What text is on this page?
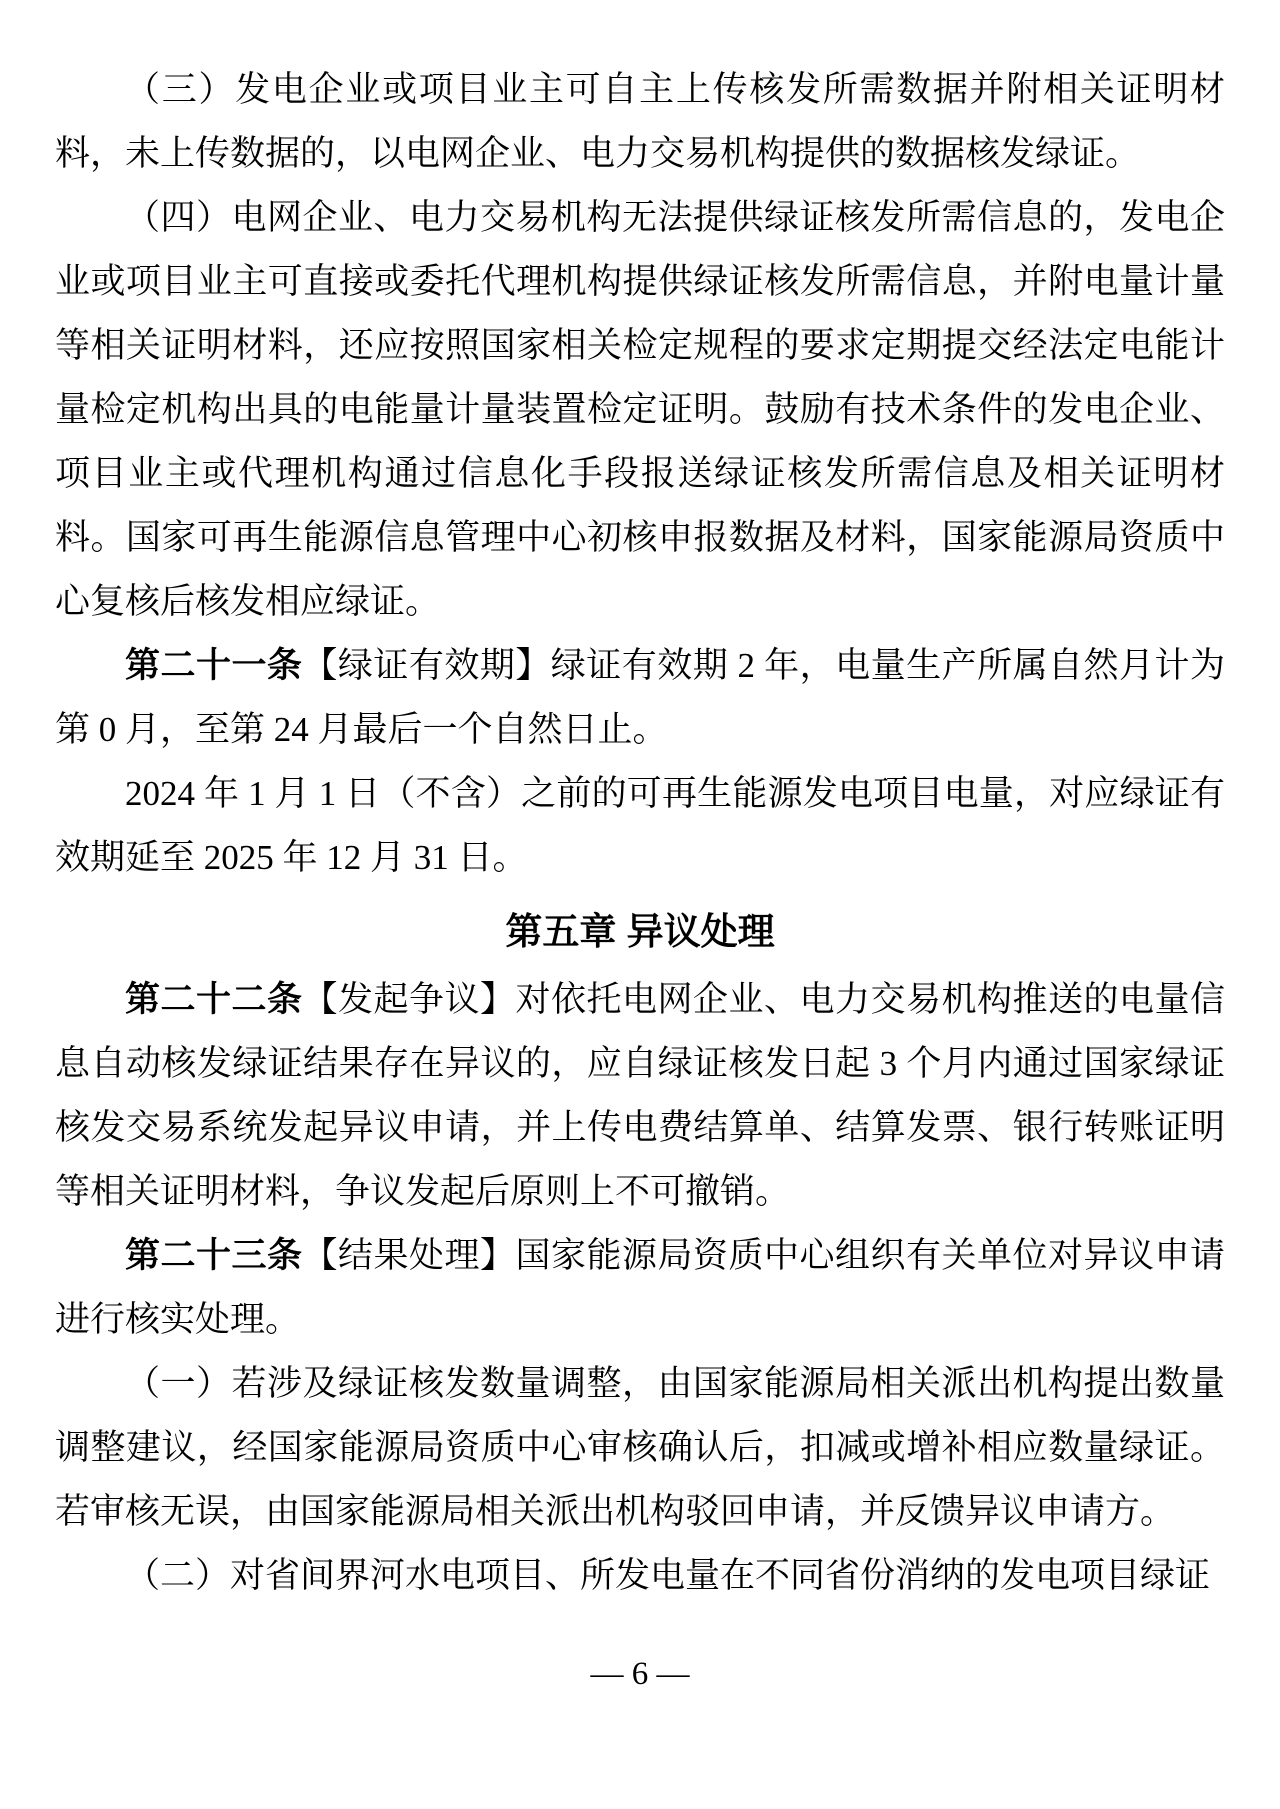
（三）发电企业或项目业主可自主上传核发所需数据并附相关证明材料，未上传数据的，以电网企业、电力交易机构提供的数据核发绿证。

（四）电网企业、电力交易机构无法提供绿证核发所需信息的，发电企业或项目业主可直接或委托代理机构提供绿证核发所需信息，并附电量计量等相关证明材料，还应按照国家相关检定规程的要求定期提交经法定电能计量检定机构出具的电能量计量装置检定证明。鼓励有技术条件的发电企业、项目业主或代理机构通过信息化手段报送绿证核发所需信息及相关证明材料。国家可再生能源信息管理中心初核申报数据及材料，国家能源局资质中心复核后核发相应绿证。

第二十一条【绿证有效期】绿证有效期 2 年，电量生产所属自然月计为第 0 月，至第 24 月最后一个自然日止。

2024 年 1 月 1 日（不含）之前的可再生能源发电项目电量，对应绿证有效期延至 2025 年 12 月 31 日。

第五章 异议处理

第二十二条【发起争议】对依托电网企业、电力交易机构推送的电量信息自动核发绿证结果存在异议的，应自绿证核发日起 3 个月内通过国家绿证核发交易系统发起异议申请，并上传电费结算单、结算发票、银行转账证明等相关证明材料，争议发起后原则上不可撤销。

第二十三条【结果处理】国家能源局资质中心组织有关单位对异议申请进行核实处理。

（一）若涉及绿证核发数量调整，由国家能源局相关派出机构提出数量调整建议，经国家能源局资质中心审核确认后，扣减或增补相应数量绿证。若审核无误，由国家能源局相关派出机构驳回申请，并反馈异议申请方。

（二）对省间界河水电项目、所发电量在不同省份消纳的发电项目绿证

— 6 —
